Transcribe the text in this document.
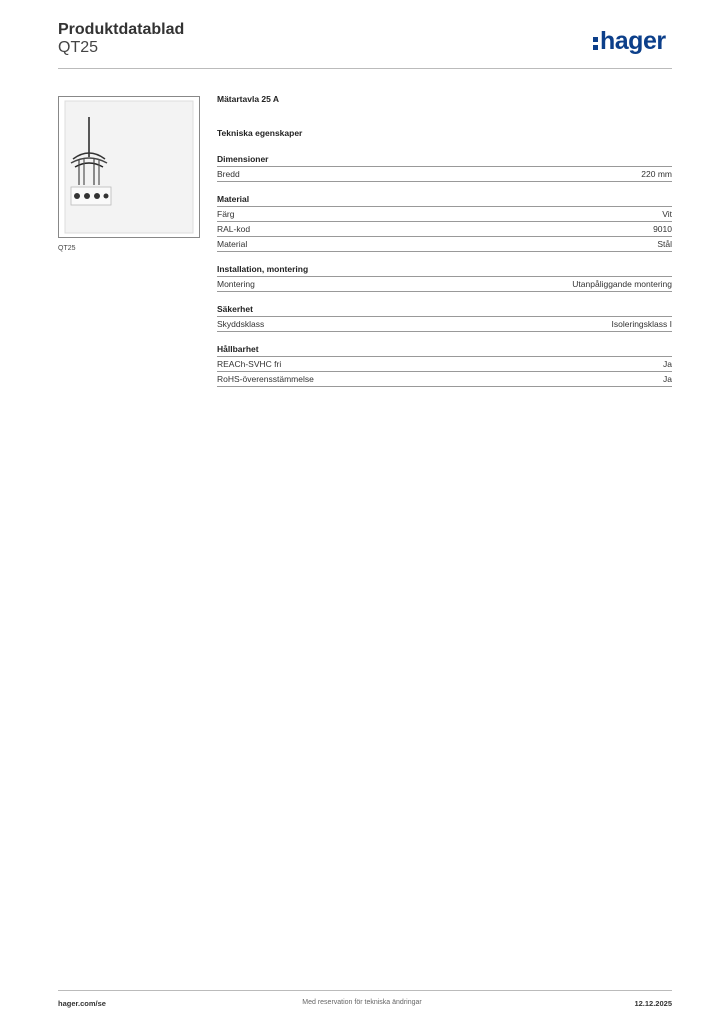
Produktdatablad
QT25	hager
QT25
Mätartavla 25 A
Tekniska egenskaper
Dimensioner
Bredd	220 mm
Material
Färg	Vit
RAL-kod	9010
Material	Stål
Installation, montering
Montering	Utanpåliggande montering
Säkerhet
Skyddsklass	Isoleringsklass I
Hållbarhet
REACh-SVHC fri	Ja
RoHS-överensstämmelse	Ja
hager.com/se	Med reservation för tekniska ändringar	12.12.2025
